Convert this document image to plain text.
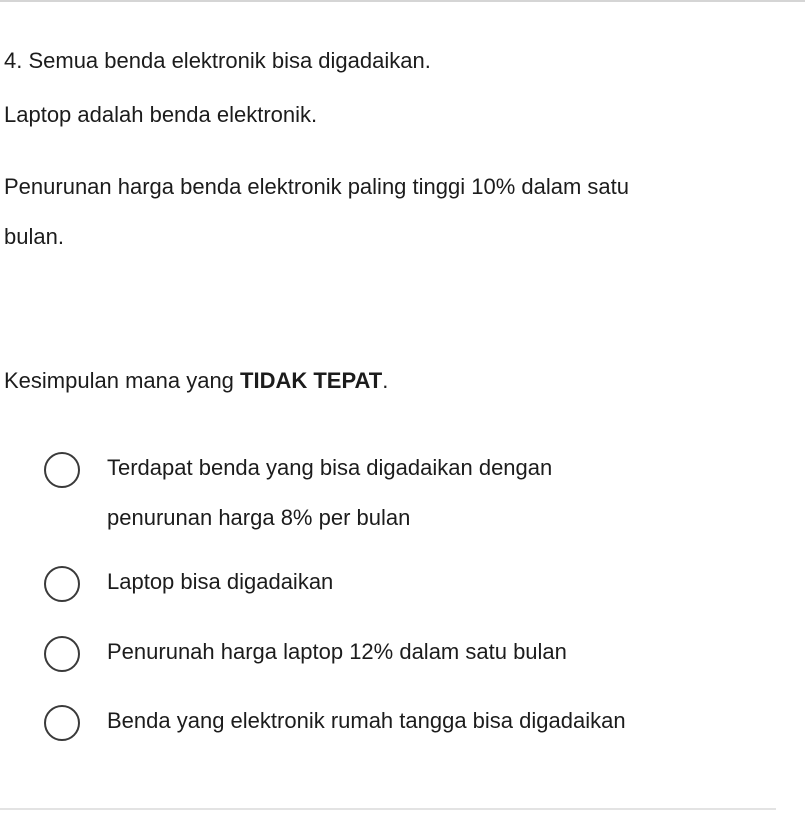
4. Semua benda elektronik bisa digadaikan.
Laptop adalah benda elektronik.
Penurunan harga benda elektronik paling tinggi 10% dalam satu
bulan.
Kesimpulan mana yang TIDAK TEPAT.
Terdapat benda yang bisa digadaikan dengan
penurunan harga 8% per bulan
Laptop bisa digadaikan
Penurunah harga laptop 12% dalam satu bulan
Benda yang elektronik rumah tangga bisa digadaikan
